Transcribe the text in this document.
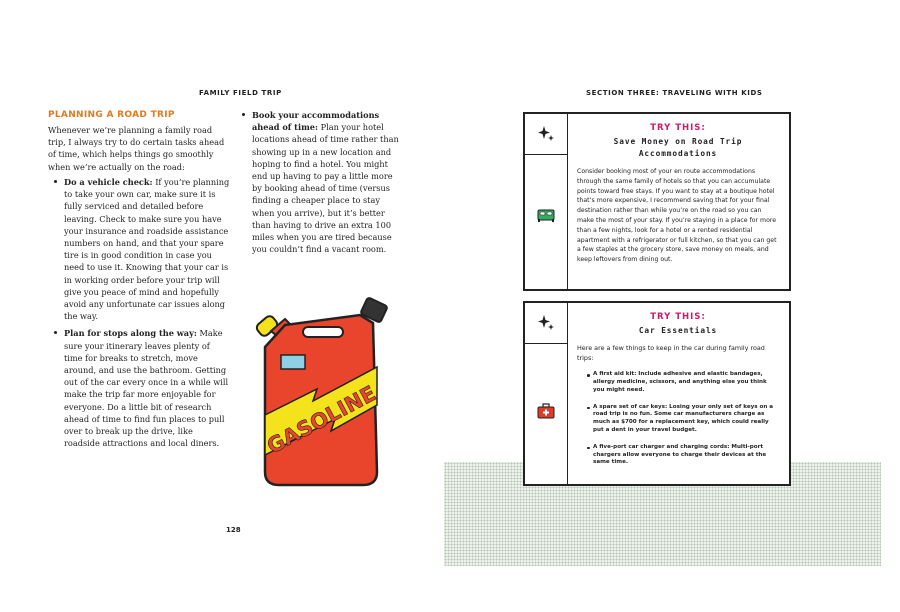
FAMILY FIELD TRIP
PLANNING A ROAD TRIP

Whenever we’re planning a family road trip, I always try to do certain tasks ahead of time, which helps things go smoothly when we’re actually on the road:

Do a vehicle check: If you’re planning to take your own car, make sure it is fully serviced and detailed before leaving. Check to make sure you have your insurance and roadside assistance numbers on hand, and that your spare tire is in good condition in case you need to use it. Knowing that your car is in working order before your trip will give you peace of mind and hopefully avoid any unfortunate car issues along the way.
Plan for stops along the way: Make sure your itinerary leaves plenty of time for breaks to stretch, move around, and use the bathroom. Getting out of the car every once in a while will make the trip far more enjoyable for everyone. Do a little bit of research ahead of time to find fun places to pull over to break up the drive, like roadside attractions and local diners.
Book your accommodations ahead of time: Plan your hotel locations ahead of time rather than showing up in a new location and hoping to find a hotel. You might end up having to pay a little more by booking ahead of time (versus finding a cheaper place to stay when you arrive), but it’s better than having to drive an extra 100 miles when you are tired because you couldn’t find a vacant room.
GASOLINE
128
SECTION THREE: TRAVELING WITH KIDS
TRY THIS:
Save Money on Road Trip Accommodations

Consider booking most of your en route accommodations through the same family of hotels so that you can accumulate points toward free stays. If you want to stay at a boutique hotel that’s more expensive, I recommend saving that for your final destination rather than while you’re on the road so you can make the most of your stay. If you’re staying in a place for more than a few nights, look for a hotel or a rented residential apartment with a refrigerator or full kitchen, so that you can get a few staples at the grocery store, save money on meals, and keep leftovers from dining out.

TRY THIS:
Car Essentials

Here are a few things to keep in the car during family road trips:

A first aid kit: Include adhesive and elastic bandages, allergy medicine, scissors, and anything else you think you might need.
A spare set of car keys: Losing your only set of keys on a road trip is no fun. Some car manufacturers charge as much as $700 for a replacement key, which could really put a dent in your travel budget.
A five-port car charger and charging cords: Multi-port chargers allow everyone to charge their devices at the same time.
